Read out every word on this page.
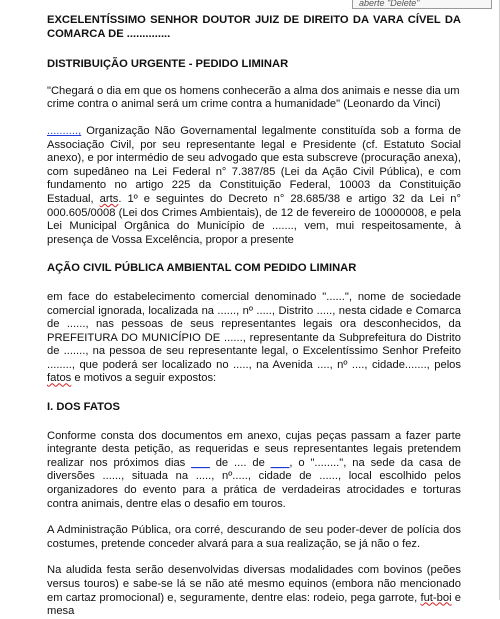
aberte "Delete"

EXCELENTÍSSIMO SENHOR DOUTOR JUIZ DE DIREITO DA VARA CÍVEL DA COMARCA DE ..............

DISTRIBUIÇÃO URGENTE - PEDIDO LIMINAR

"Chegará o dia em que os homens conhecerão a alma dos animais e nesse dia um crime contra o animal será um crime contra a humanidade" (Leonardo da Vinci)

.........., Organização Não Governamental legalmente constituída sob a forma de Associação Civil, por seu representante legal e Presidente (cf. Estatuto Social anexo), e por intermédio de seu advogado que esta subscreve (procuração anexa), com supedâneo na Lei Federal n° 7.387/85 (Lei da Ação Civil Pública), e com fundamento no artigo 225 da Constituição Federal, 10003 da Constituição Estadual, arts. 1º e seguintes do Decreto n° 28.685/38 e artigo 32 da Lei n° 000.605/0008 (Lei dos Crimes Ambientais), de 12 de fevereiro de 10000008, e pela Lei Municipal Orgânica do Município de ......., vem, mui respeitosamente, à presença de Vossa Excelência, propor a presente

AÇÃO CIVIL PÚBLICA AMBIENTAL COM PEDIDO LIMINAR

em face do estabelecimento comercial denominado "......", nome de sociedade comercial ignorada, localizada na ......, nº ....., Distrito ....., nesta cidade e Comarca de ......, nas pessoas de seus representantes legais ora desconhecidos, da PREFEITURA DO MUNICÍPIO DE ......, representante da Subprefeitura do Distrito de ......., na pessoa de seu representante legal, o Excelentíssimo Senhor Prefeito ........, que poderá ser localizado no ....., na Avenida ...., nº ...., cidade......., pelos fatos e motivos a seguir expostos:

I. DOS FATOS

Conforme consta dos documentos em anexo, cujas peças passam a fazer parte integrante desta petição, as requeridas e seus representantes legais pretendem realizar nos próximos dias ___ de .... de ___, o "........", na sede da casa de diversões ......, situada na ....., nº....., cidade de ......, local escolhido pelos organizadores do evento para a prática de verdadeiras atrocidades e torturas contra animais, dentre elas o desafio em touros.

A Administração Pública, ora corré, descurando de seu poder-dever de polícia dos costumes, pretende conceder alvará para a sua realização, se já não o fez.

Na aludida festa serão desenvolvidas diversas modalidades com bovinos (peões versus touros) e sabe-se lá se não até mesmo equinos (embora não mencionado em cartaz promocional) e, seguramente, dentre elas: rodeio, pega garrote, fut-boi e mesa
